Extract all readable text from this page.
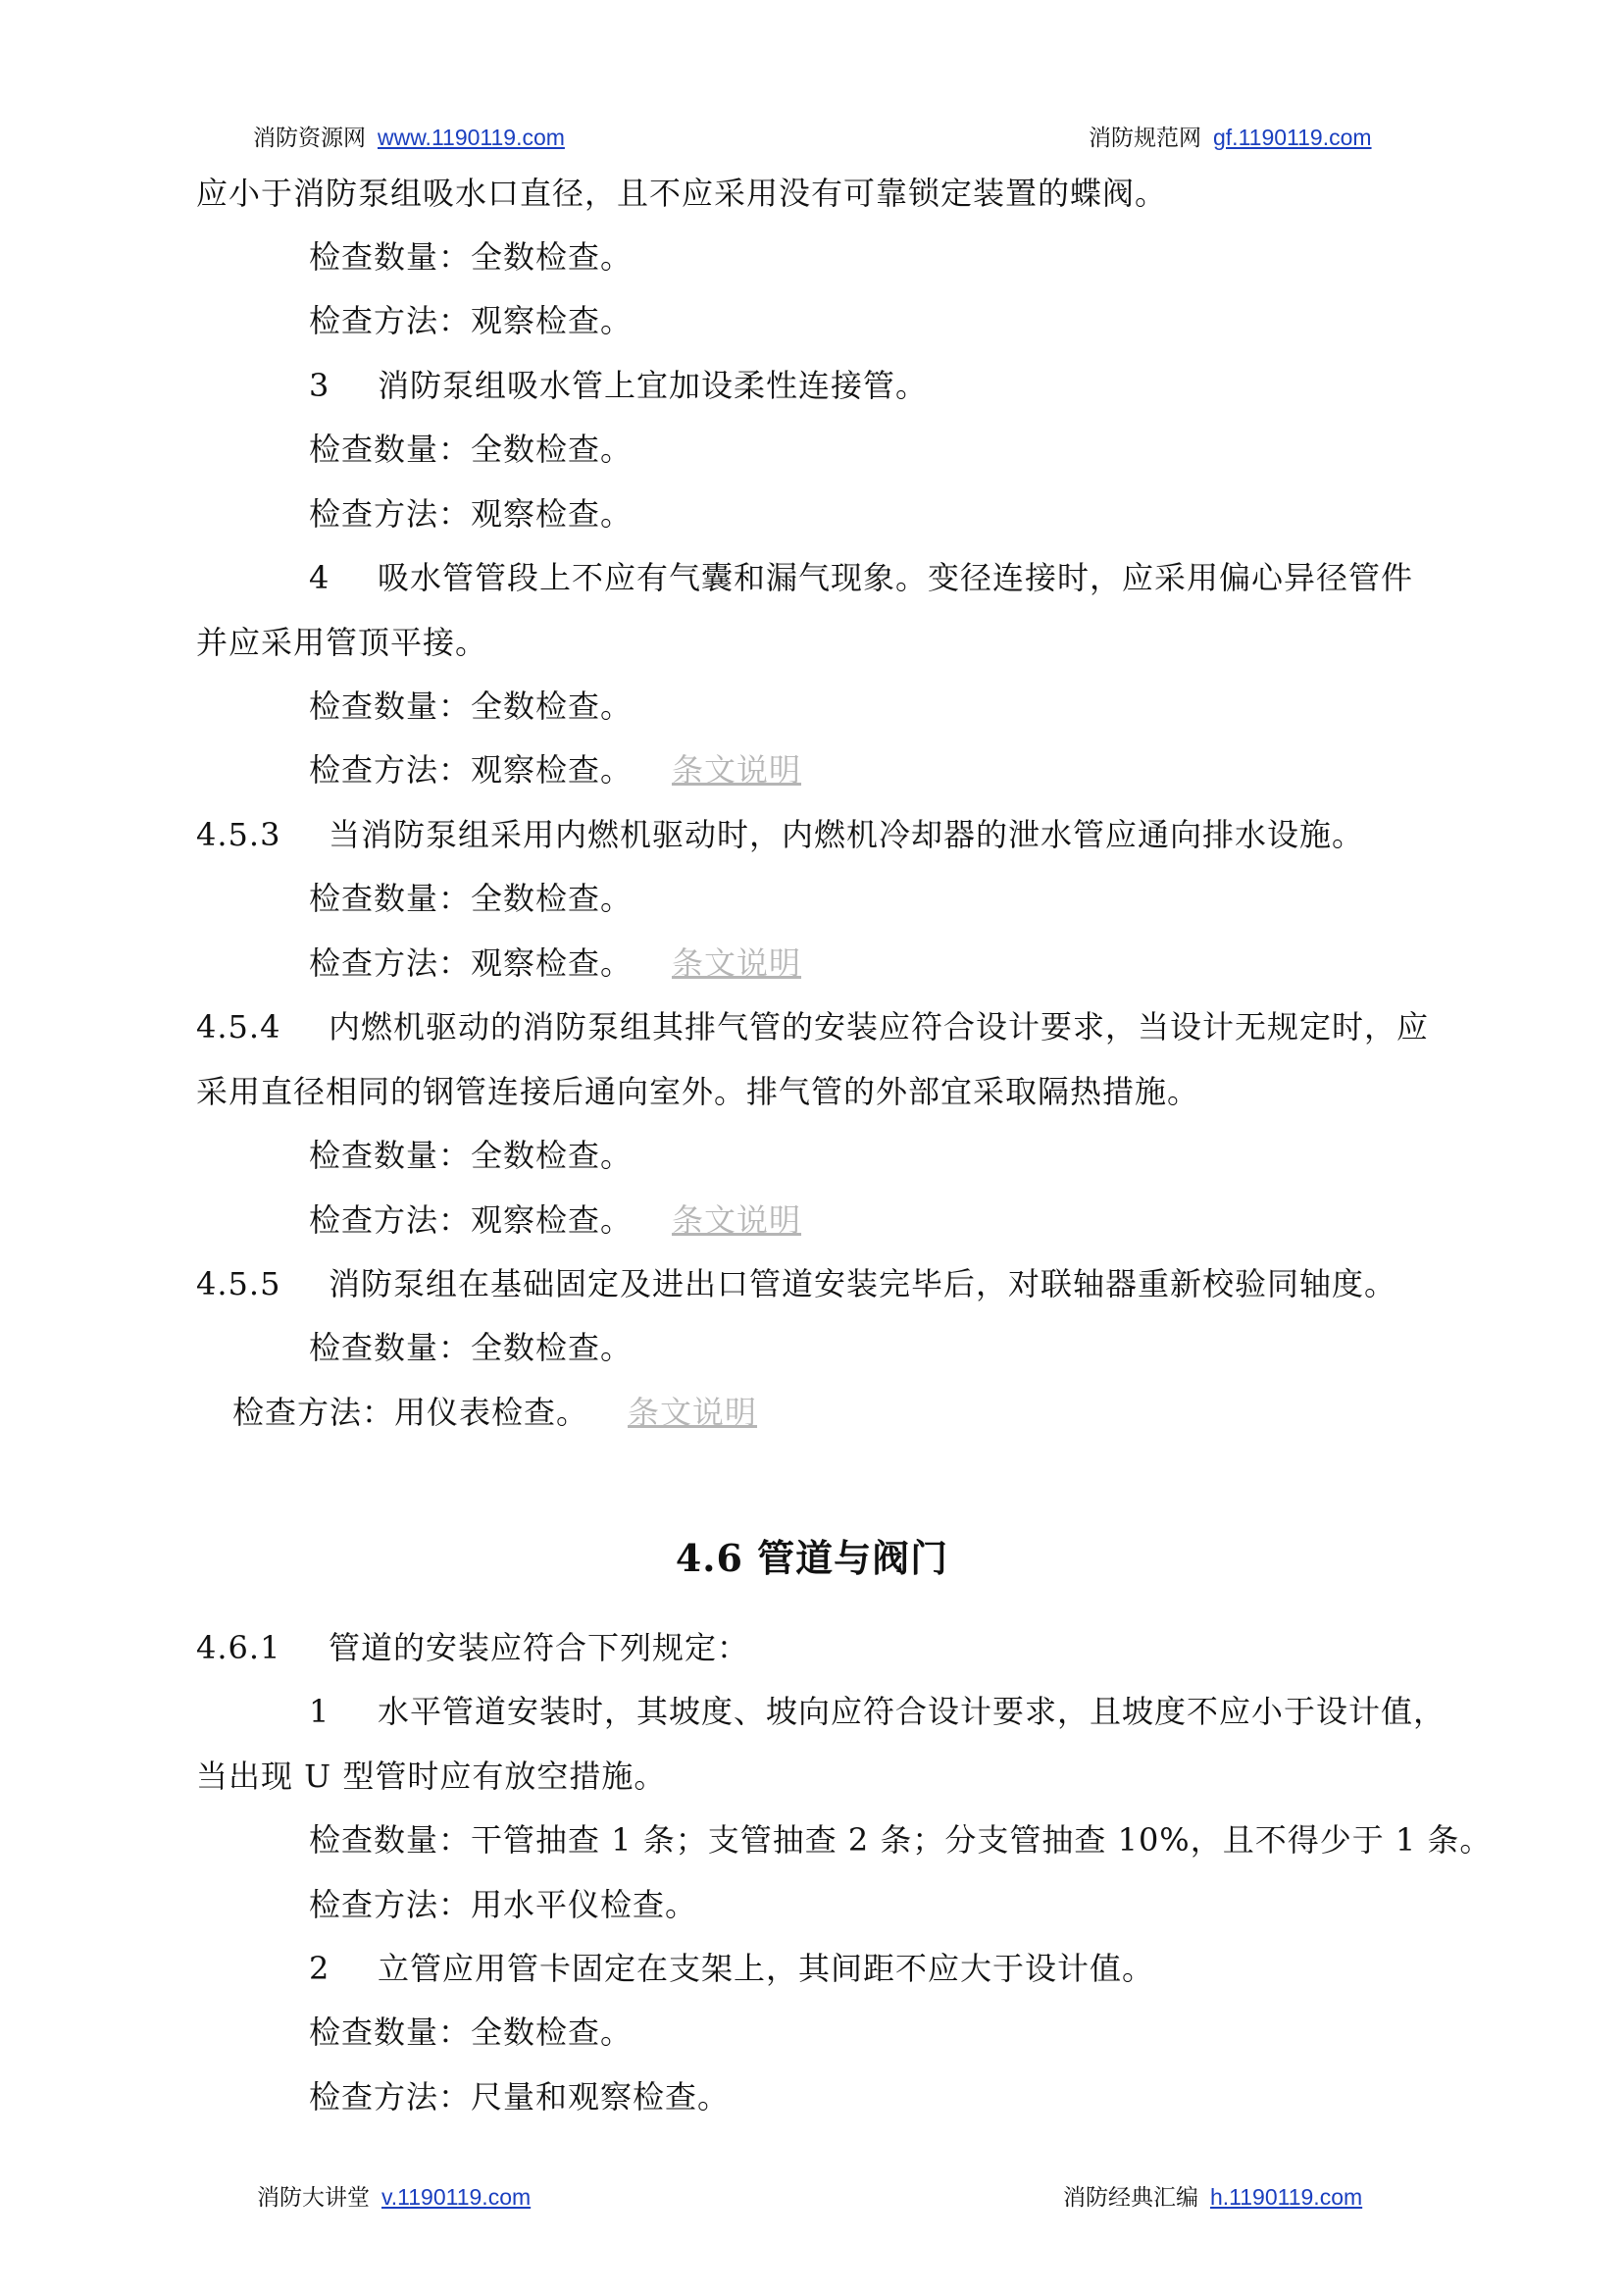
消防资源网 www.1190119.com	消防规范网 gf.1190119.com
应小于消防泵组吸水口直径，且不应采用没有可靠锁定装置的蝶阀。
检查数量：全数检查。
检查方法：观察检查。
3 消防泵组吸水管上宜加设柔性连接管。
检查数量：全数检查。
检查方法：观察检查。
4 吸水管管段上不应有气囊和漏气现象。变径连接时，应采用偏心异径管件
并应采用管顶平接。
检查数量：全数检查。
检查方法：观察检查。 条文说明
4.5.3 当消防泵组采用内燃机驱动时，内燃机冷却器的泄水管应通向排水设施。
检查数量：全数检查。
检查方法：观察检查。 条文说明
4.5.4 内燃机驱动的消防泵组其排气管的安装应符合设计要求，当设计无规定时，应
采用直径相同的钢管连接后通向室外。排气管的外部宜采取隔热措施。
检查数量：全数检查。
检查方法：观察检查。 条文说明
4.5.5 消防泵组在基础固定及进出口管道安装完毕后，对联轴器重新校验同轴度。
检查数量：全数检查。
检查方法：用仪表检查。 条文说明
4.6 管道与阀门
4.6.1 管道的安装应符合下列规定：
1 水平管道安装时，其坡度、坡向应符合设计要求，且坡度不应小于设计值，
当出现 U 型管时应有放空措施。
检查数量：干管抽查 1 条；支管抽查 2 条；分支管抽查 10%，且不得少于 1 条。
检查方法：用水平仪检查。
2 立管应用管卡固定在支架上，其间距不应大于设计值。
检查数量：全数检查。
检查方法：尺量和观察检查。
消防大讲堂 v.1190119.com	消防经典汇编 h.1190119.com
